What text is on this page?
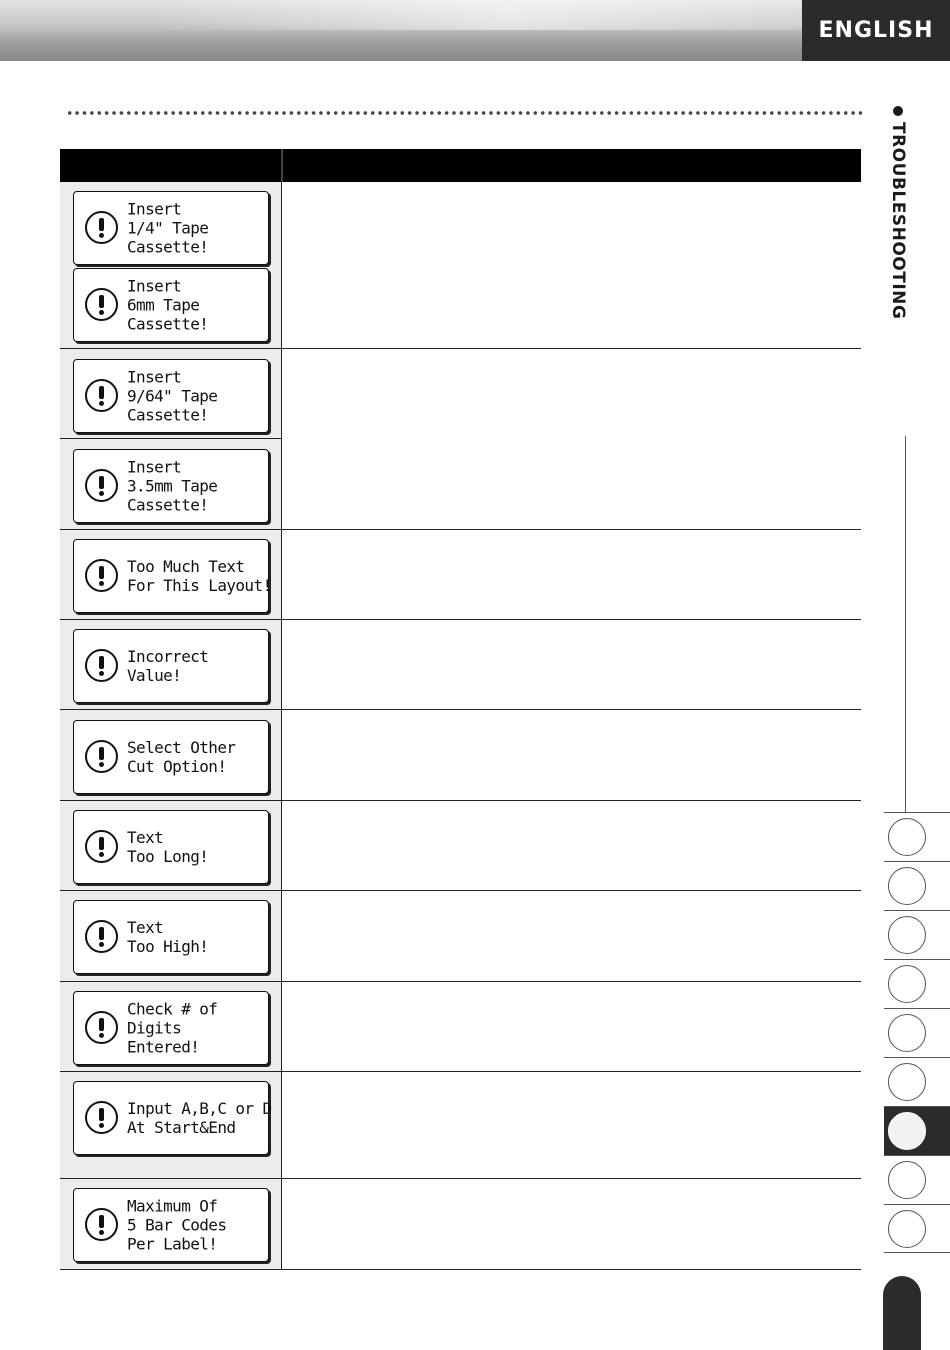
ENGLISH
TROUBLESHOOTING
Insert
1/4" Tape
Cassette!
Insert
6mm Tape
Cassette!
Insert
9/64" Tape
Cassette!
Insert
3.5mm Tape
Cassette!
Too Much Text
For This Layout!
Incorrect
Value!
Select Other
Cut Option!
Text
Too Long!
Text
Too High!
Check # of
Digits
Entered!
Input A,B,C or D
At Start&End
Maximum Of
5 Bar Codes
Per Label!
